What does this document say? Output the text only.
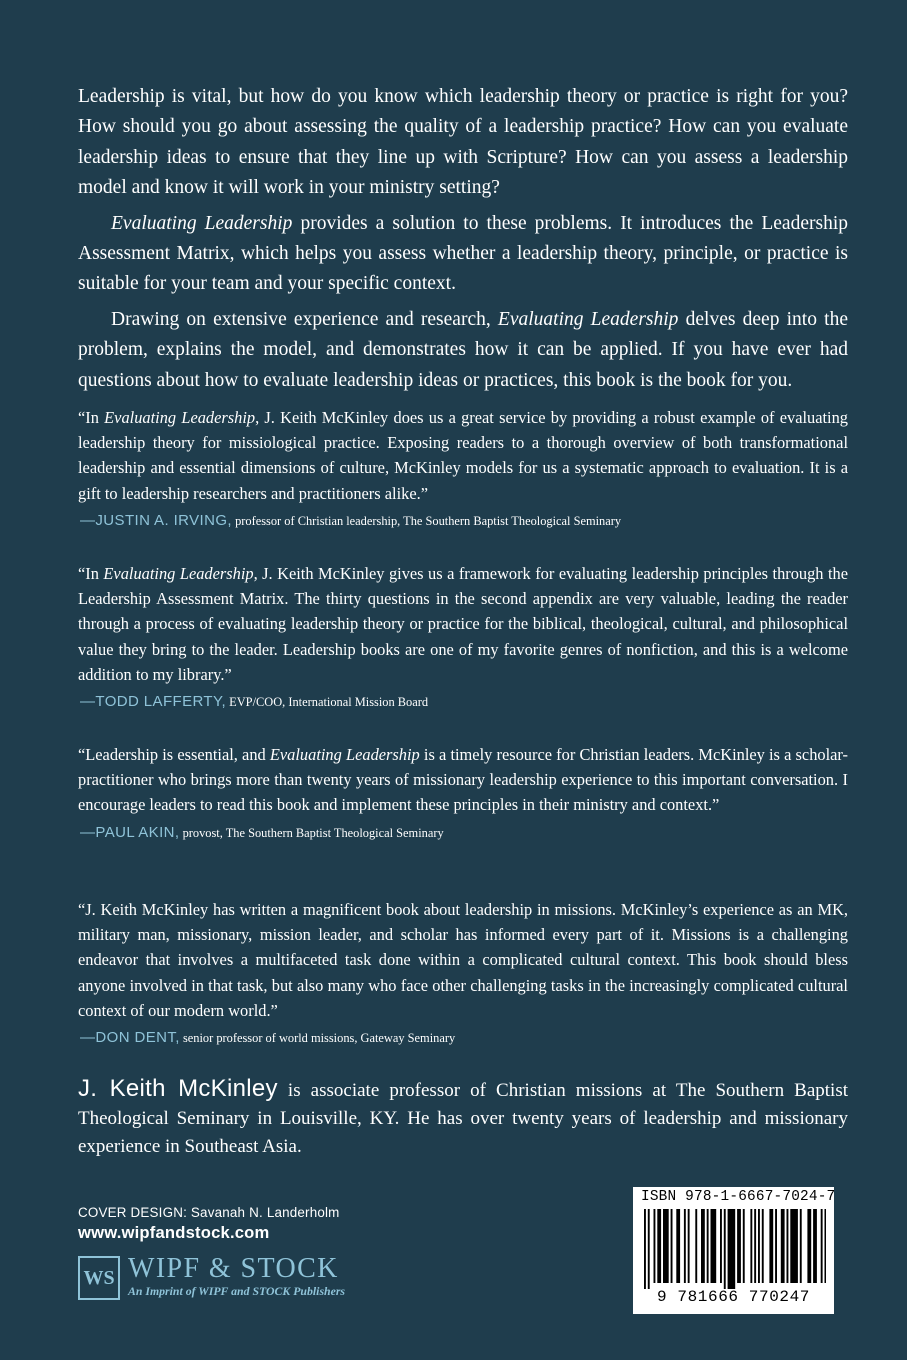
Leadership is vital, but how do you know which leadership theory or practice is right for you? How should you go about assessing the quality of a leadership practice? How can you evaluate leadership ideas to ensure that they line up with Scripture? How can you assess a leadership model and know it will work in your ministry setting?

Evaluating Leadership provides a solution to these problems. It introduces the Leadership Assessment Matrix, which helps you assess whether a leadership theory, principle, or practice is suitable for your team and your specific context.

Drawing on extensive experience and research, Evaluating Leadership delves deep into the problem, explains the model, and demonstrates how it can be applied. If you have ever had questions about how to evaluate leadership ideas or practices, this book is the book for you.

“In Evaluating Leadership, J. Keith McKinley does us a great service by providing a robust example of evaluating leadership theory for missiological practice. Exposing readers to a thorough overview of both transformational leadership and essential dimensions of culture, McKinley models for us a systematic approach to evaluation. It is a gift to leadership researchers and practitioners alike.”

—JUSTIN A. IRVING, professor of Christian leadership, The Southern Baptist Theological Seminary

“In Evaluating Leadership, J. Keith McKinley gives us a framework for evaluating leadership principles through the Leadership Assessment Matrix. The thirty questions in the second appendix are very valuable, leading the reader through a process of evaluating leadership theory or practice for the biblical, theological, cultural, and philosophical value they bring to the leader. Leadership books are one of my favorite genres of nonfiction, and this is a welcome addition to my library.”

—TODD LAFFERTY, EVP/COO, International Mission Board

“Leadership is essential, and Evaluating Leadership is a timely resource for Christian leaders. McKinley is a scholar-practitioner who brings more than twenty years of missionary leadership experience to this important conversation. I encourage leaders to read this book and implement these principles in their ministry and context.”

—PAUL AKIN, provost, The Southern Baptist Theological Seminary

“J. Keith McKinley has written a magnificent book about leadership in missions. McKinley’s experience as an MK, military man, missionary, mission leader, and scholar has informed every part of it. Missions is a challenging endeavor that involves a multifaceted task done within a complicated cultural context. This book should bless anyone involved in that task, but also many who face other challenging tasks in the increasingly complicated cultural context of our modern world.”

—DON DENT, senior professor of world missions, Gateway Seminary

J. Keith McKinley is associate professor of Christian missions at The Southern Baptist Theological Seminary in Louisville, KY. He has over twenty years of leadership and missionary experience in Southeast Asia.

COVER DESIGN: Savanah N. Landerholm
www.wipfandstock.com
WS WIPF & STOCK
An Imprint of WIPF and STOCK Publishers
ISBN 978-1-6667-7024-7
9 781666 770247
